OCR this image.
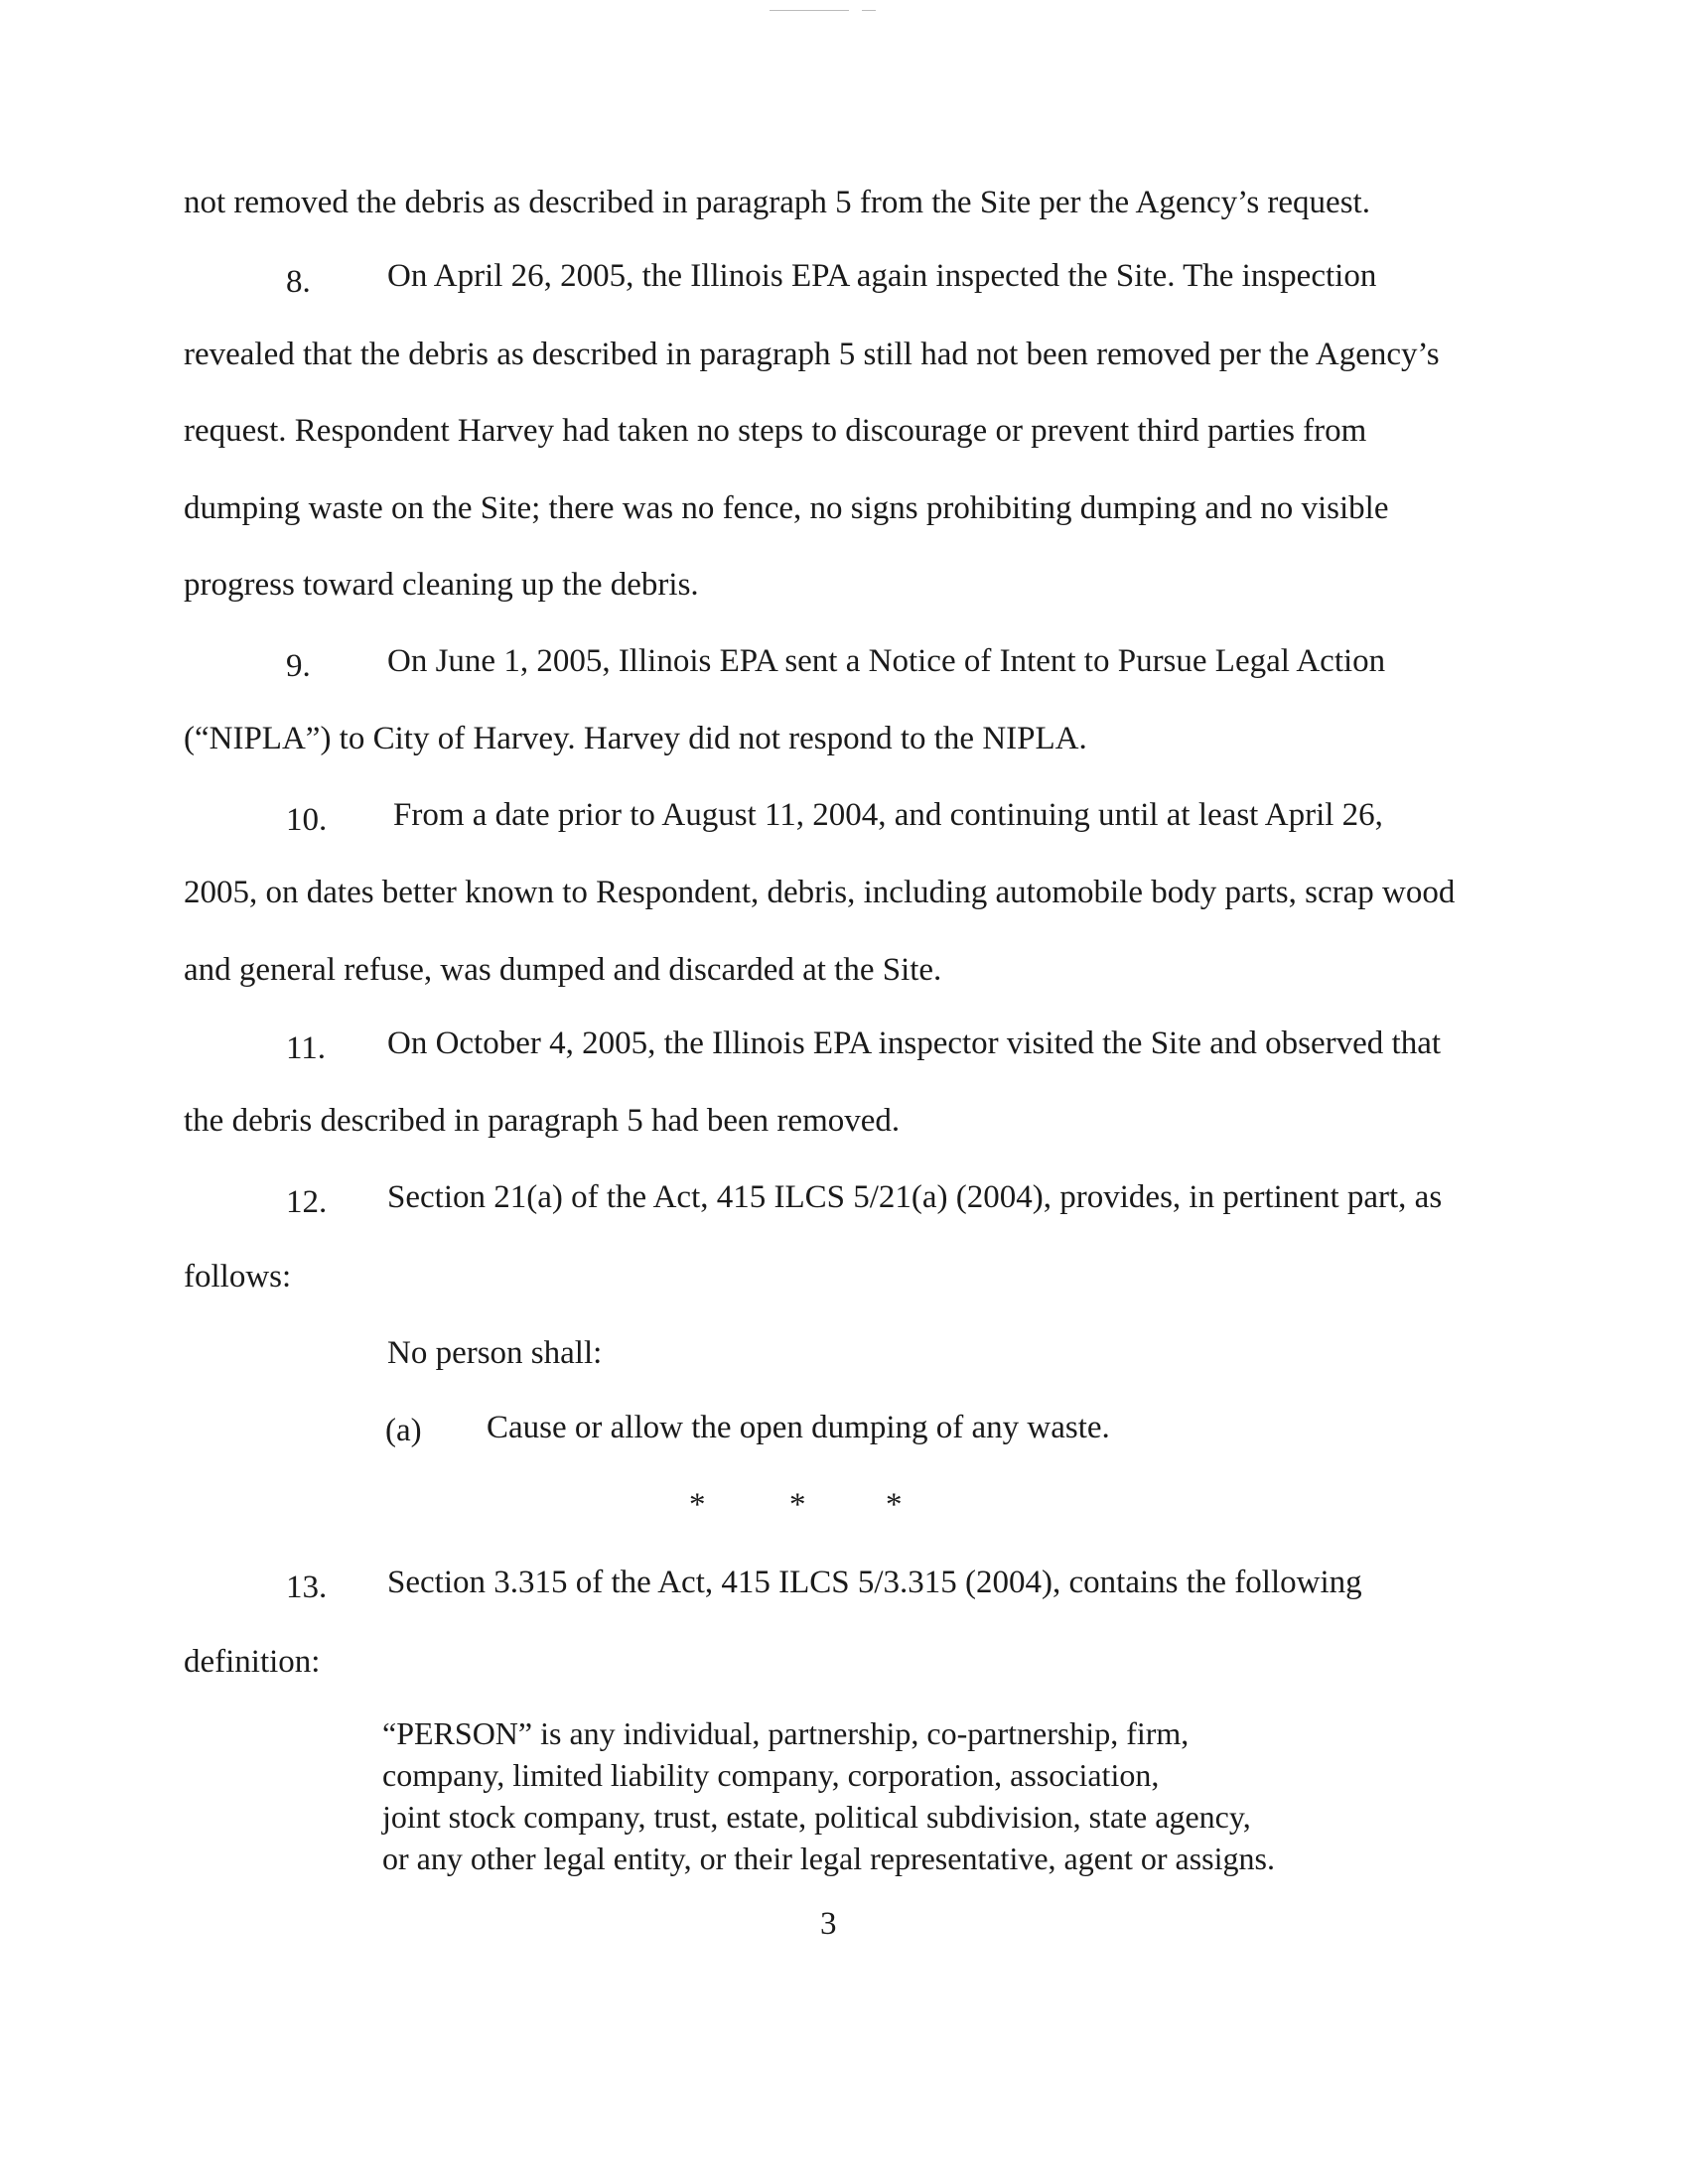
not removed the debris as described in paragraph 5 from the Site per the Agency’s request.
8. On April 26, 2005, the Illinois EPA again inspected the Site. The inspection
revealed that the debris as described in paragraph 5 still had not been removed per the Agency’s
request. Respondent Harvey had taken no steps to discourage or prevent third parties from
dumping waste on the Site; there was no fence, no signs prohibiting dumping and no visible
progress toward cleaning up the debris.
9. On June 1, 2005, Illinois EPA sent a Notice of Intent to Pursue Legal Action
(“NIPLA”) to City of Harvey. Harvey did not respond to the NIPLA.
10. From a date prior to August 11, 2004, and continuing until at least April 26,
2005, on dates better known to Respondent, debris, including automobile body parts, scrap wood
and general refuse, was dumped and discarded at the Site.
11. On October 4, 2005, the Illinois EPA inspector visited the Site and observed that
the debris described in paragraph 5 had been removed.
12. Section 21(a) of the Act, 415 ILCS 5/21(a) (2004), provides, in pertinent part, as
follows:
No person shall:
(a) Cause or allow the open dumping of any waste.
*	* *
13. Section 3.315 of the Act, 415 ILCS 5/3.315 (2004), contains the following
definition:
“PERSON” is any individual, partnership, co-partnership, firm,
company, limited liability company, corporation, association,
joint stock company, trust, estate, political subdivision, state agency,
or any other legal entity, or their legal representative, agent or assigns.
3
